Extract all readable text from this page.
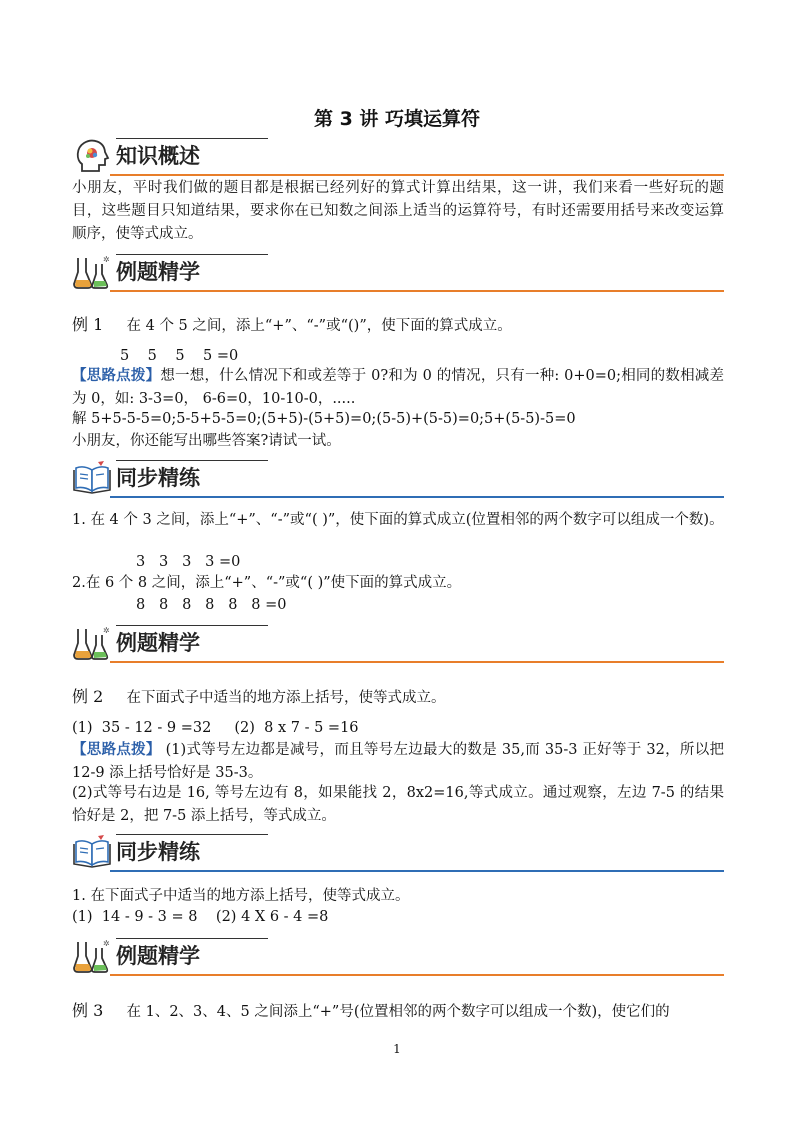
第 3 讲 巧填运算符
知识概述
小朋友，平时我们做的题目都是根据已经列好的算式计算出结果，这一讲，我们来看一些好玩的题目，这些题目只知道结果，要求你在已知数之间添上适当的运算符号，有时还需要用括号来改变运算顺序，使等式成立。
✲
例题精学
例 1 在 4 个 5 之间，添上“+”、“-”或“()”，使下面的算式成立。
5    5    5    5 =0
【思路点拨】想一想，什么情况下和或差等于 0?和为 0 的情况，只有一种: 0+0=0;相同的数相减差为 0，如: 3-3=0， 6-6=0，10-10-0，.....
解 5+5-5-5=0;5-5+5-5=0;(5+5)-(5+5)=0;(5-5)+(5-5)=0;5+(5-5)-5=0
小朋友，你还能写出哪些答案?请试一试。
同步精练
1. 在 4 个 3 之间，添上“+”、“-”或“( )”，使下面的算式成立(位置相邻的两个数字可以组成一个数)。
3   3   3   3 =0
2.在 6 个 8 之间，添上“+”、“-”或“( )”使下面的算式成立。
8   8   8   8   8   8 =0
✲
例题精学
例 2 在下面式子中适当的地方添上括号，使等式成立。
(1)  35 - 12 - 9 =32     (2)  8 x 7 - 5 =16
【思路点拨】 (1)式等号左边都是减号，而且等号左边最大的数是 35,而 35-3 正好等于 32，所以把 12-9 添上括号恰好是 35-3。
(2)式等号右边是 16, 等号左边有 8，如果能找 2，8x2=16,等式成立。通过观察，左边 7-5 的结果恰好是 2，把 7-5 添上括号，等式成立。
同步精练
1. 在下面式子中适当的地方添上括号，使等式成立。
(1)  14 - 9 - 3 = 8    (2) 4 X 6 - 4 =8
✲
例题精学
例 3 在 1、2、3、4、5 之间添上“+”号(位置相邻的两个数字可以组成一个数)，使它们的
1
